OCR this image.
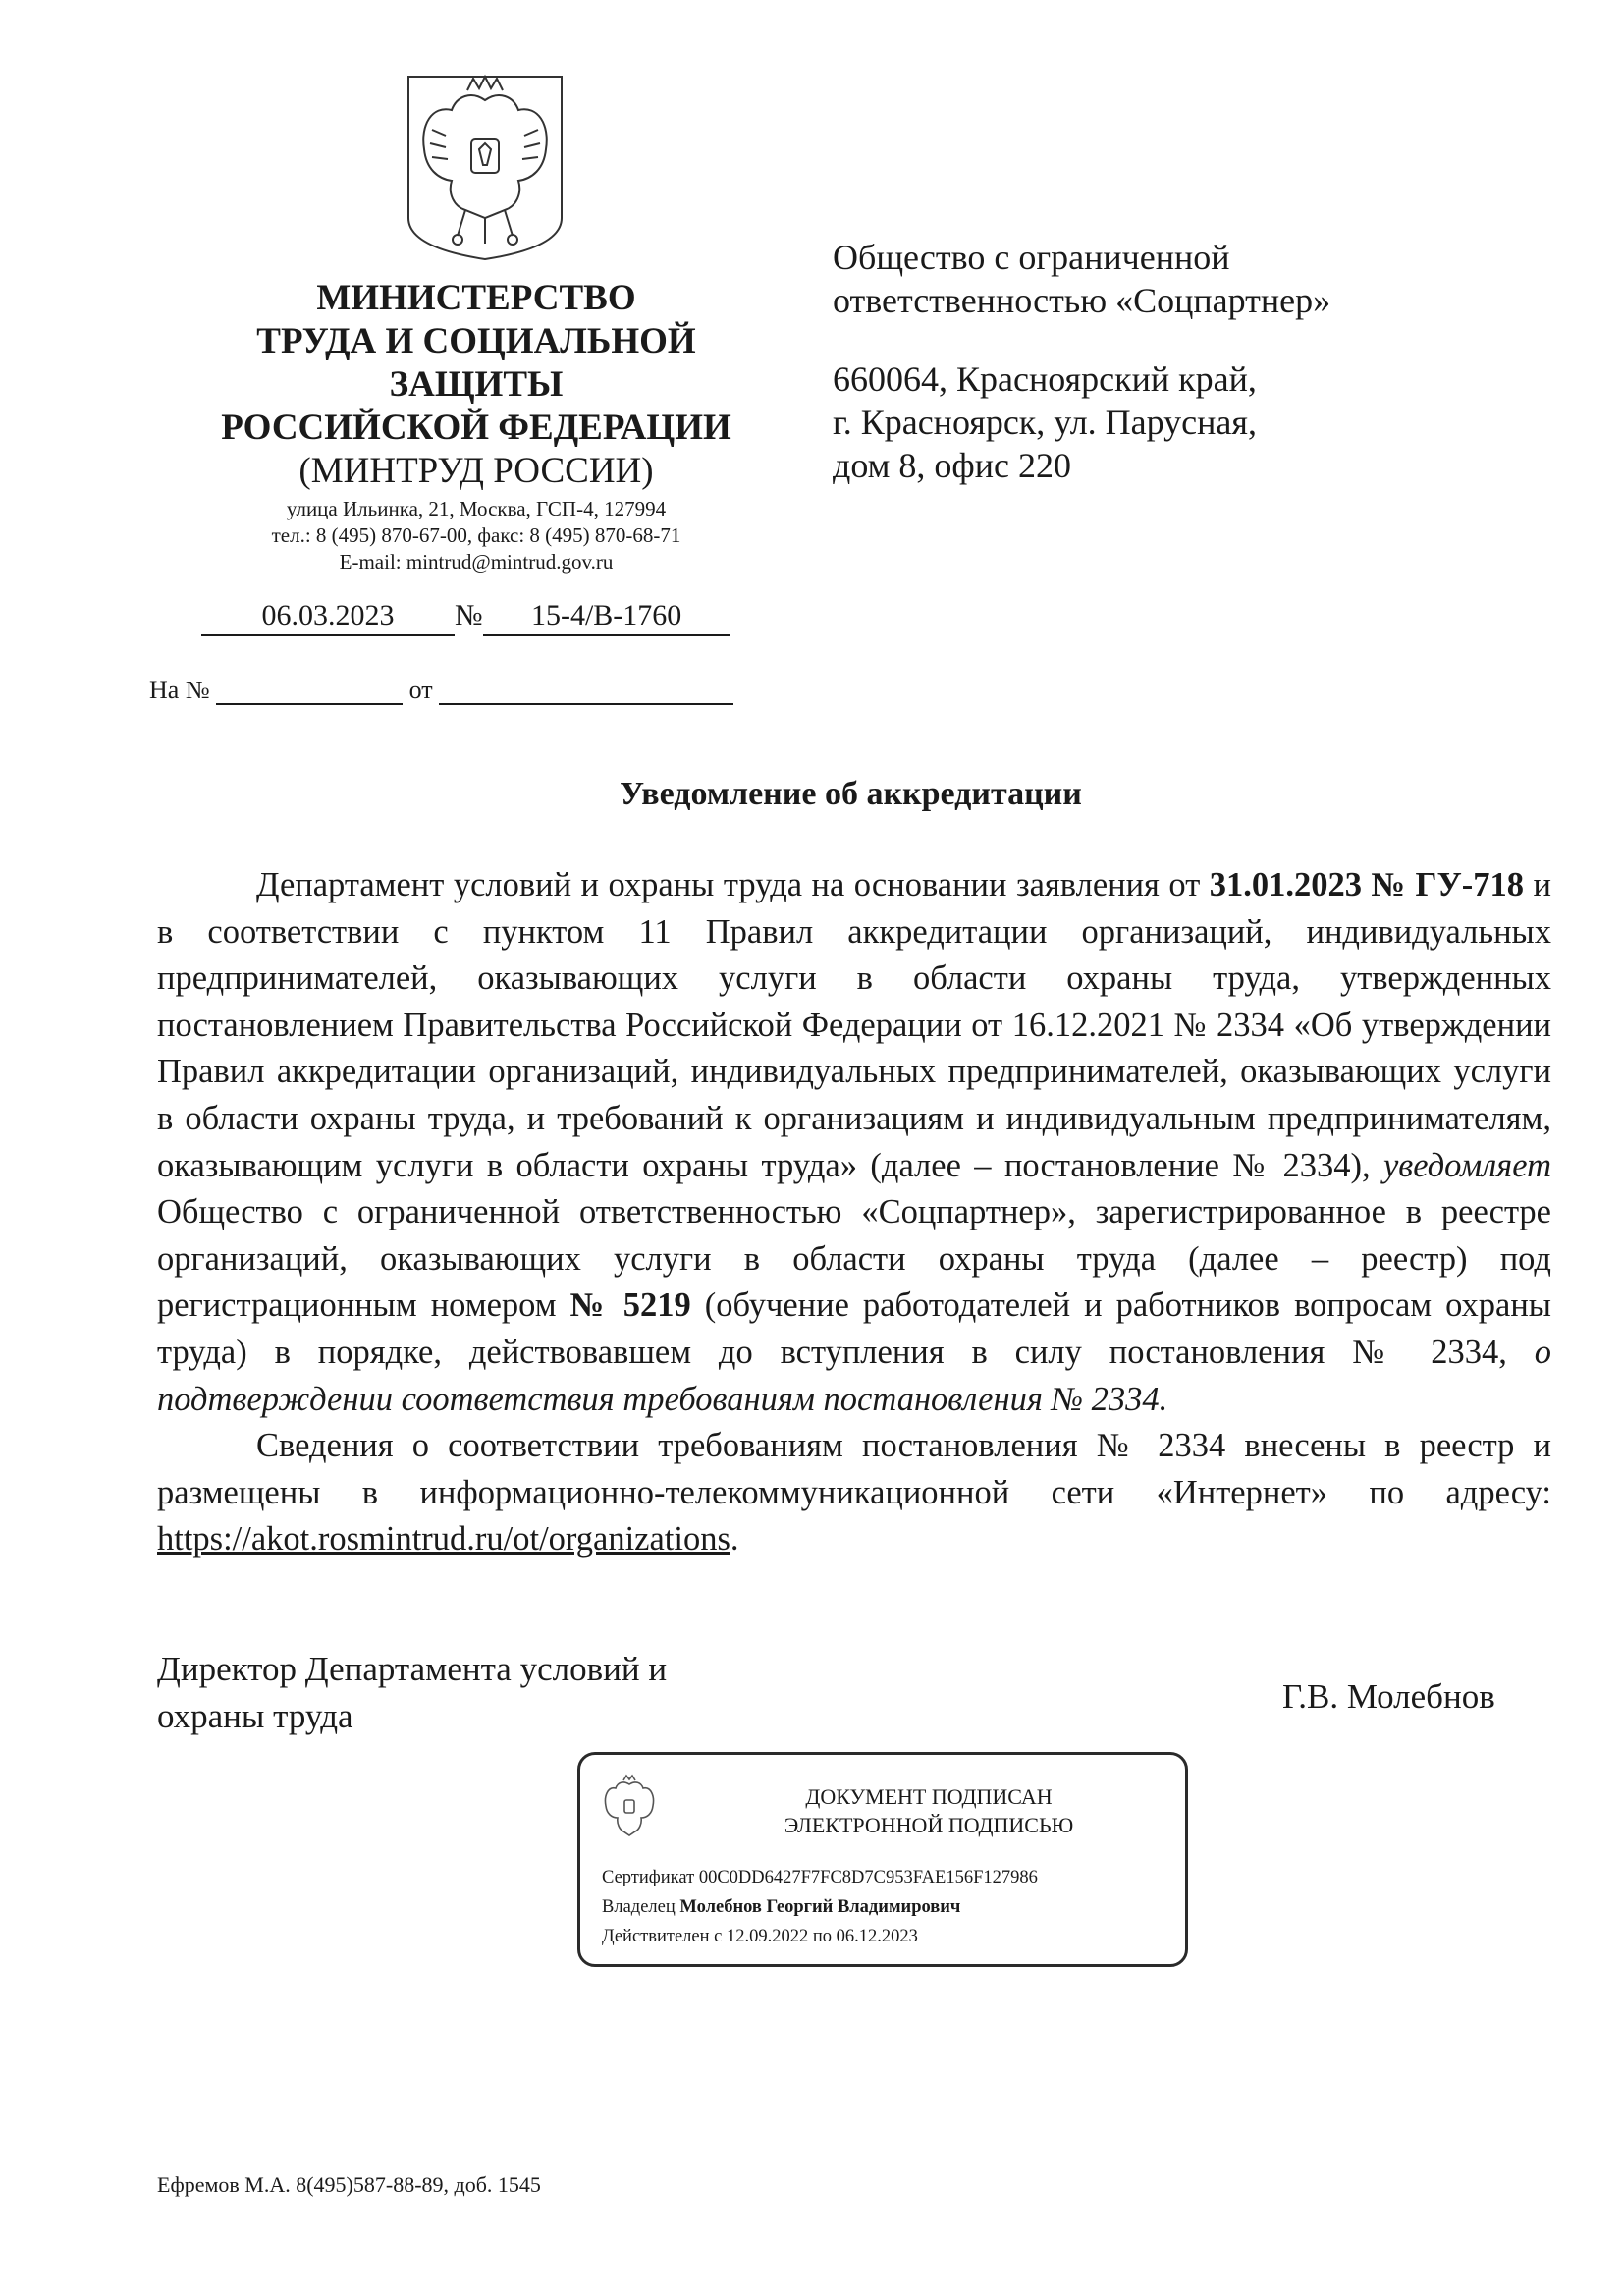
МИНИСТЕРСТВО
ТРУДА И СОЦИАЛЬНОЙ
ЗАЩИТЫ
РОССИЙСКОЙ ФЕДЕРАЦИИ
(МИНТРУД РОССИИ)
улица Ильинка, 21, Москва, ГСП-4, 127994
тел.: 8 (495) 870-67-00, факс: 8 (495) 870-68-71
E-mail: mintrud@mintrud.gov.ru
06.03.2023 № 15-4/В-1760
На №	от

Общество с ограниченной

ответственностью «Соцпартнер»

660064, Красноярский край,

г. Красноярск, ул. Парусная,

дом 8, офис 220

Уведомление об аккредитации

Департамент условий и охраны труда на основании заявления от 31.01.2023 № ГУ-718 и в соответствии с пунктом 11 Правил аккредитации организаций, индивидуальных предпринимателей, оказывающих услуги в области охраны труда, утвержденных постановлением Правительства Российской Федерации от 16.12.2021 № 2334 «Об утверждении Правил аккредитации организаций, индивидуальных предпринимателей, оказывающих услуги в области охраны труда, и требований к организациям и индивидуальным предпринимателям, оказывающим услуги в области охраны труда» (далее – постановление № 2334), уведомляет Общество с ограниченной ответственностью «Соцпартнер», зарегистрированное в реестре организаций, оказывающих услуги в области охраны труда (далее – реестр) под регистрационным номером № 5219 (обучение работодателей и работников вопросам охраны труда) в порядке, действовавшем до вступления в силу постановления № 2334, о подтверждении соответствия требованиям постановления № 2334.

Сведения о соответствии требованиям постановления № 2334 внесены в реестр и размещены в информационно-телекоммуникационной сети «Интернет» по адресу: https://akot.rosmintrud.ru/ot/organizations.

Директор Департамента условий и
охраны труда
Г.В. Молебнов
ДОКУМЕНТ ПОДПИСАН
ЭЛЕКТРОННОЙ ПОДПИСЬЮ
Сертификат 00C0DD6427F7FC8D7C953FAE156F127986
Владелец Молебнов Георгий Владимирович
Действителен с 12.09.2022 по 06.12.2023
Ефремов М.А. 8(495)587-88-89, доб. 1545
